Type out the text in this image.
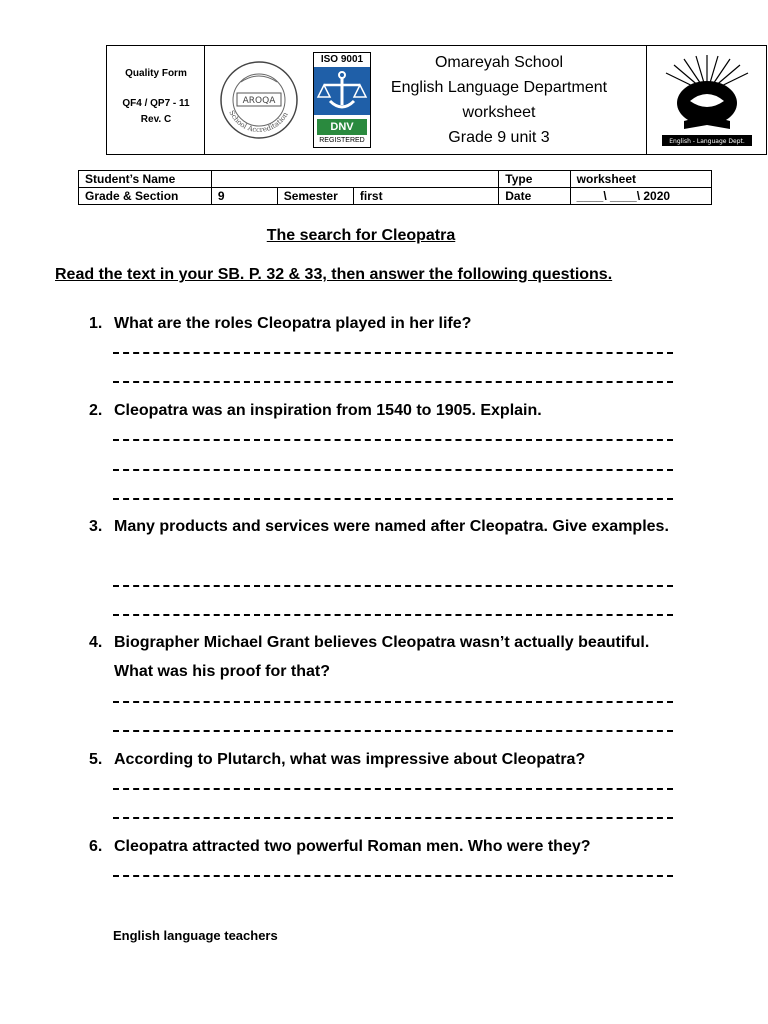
Quality Form
QF4 / QP7 - 11
Rev. C
School Accreditation
AROQA
ISO 9001
DNV
REGISTERED
Omareyah School
English Language Department
worksheet
Grade 9 unit 3	English - Language Dept.
Student’s Name				Type	worksheet
Grade & Section	9	Semester	first	Date	____\ ____\ 2020
The search for Cleopatra
Read the text in your SB. P. 32 & 33, then answer the following questions.
1. What are the roles Cleopatra played in her life?
2. Cleopatra was an inspiration from 1540 to 1905. Explain.
3. Many products and services were named after Cleopatra. Give examples.
4. Biographer Michael Grant believes Cleopatra wasn’t actually beautiful. What was his proof for that?
5. According to Plutarch, what was impressive about Cleopatra?
6. Cleopatra attracted two powerful Roman men. Who were they?
English language teachers
